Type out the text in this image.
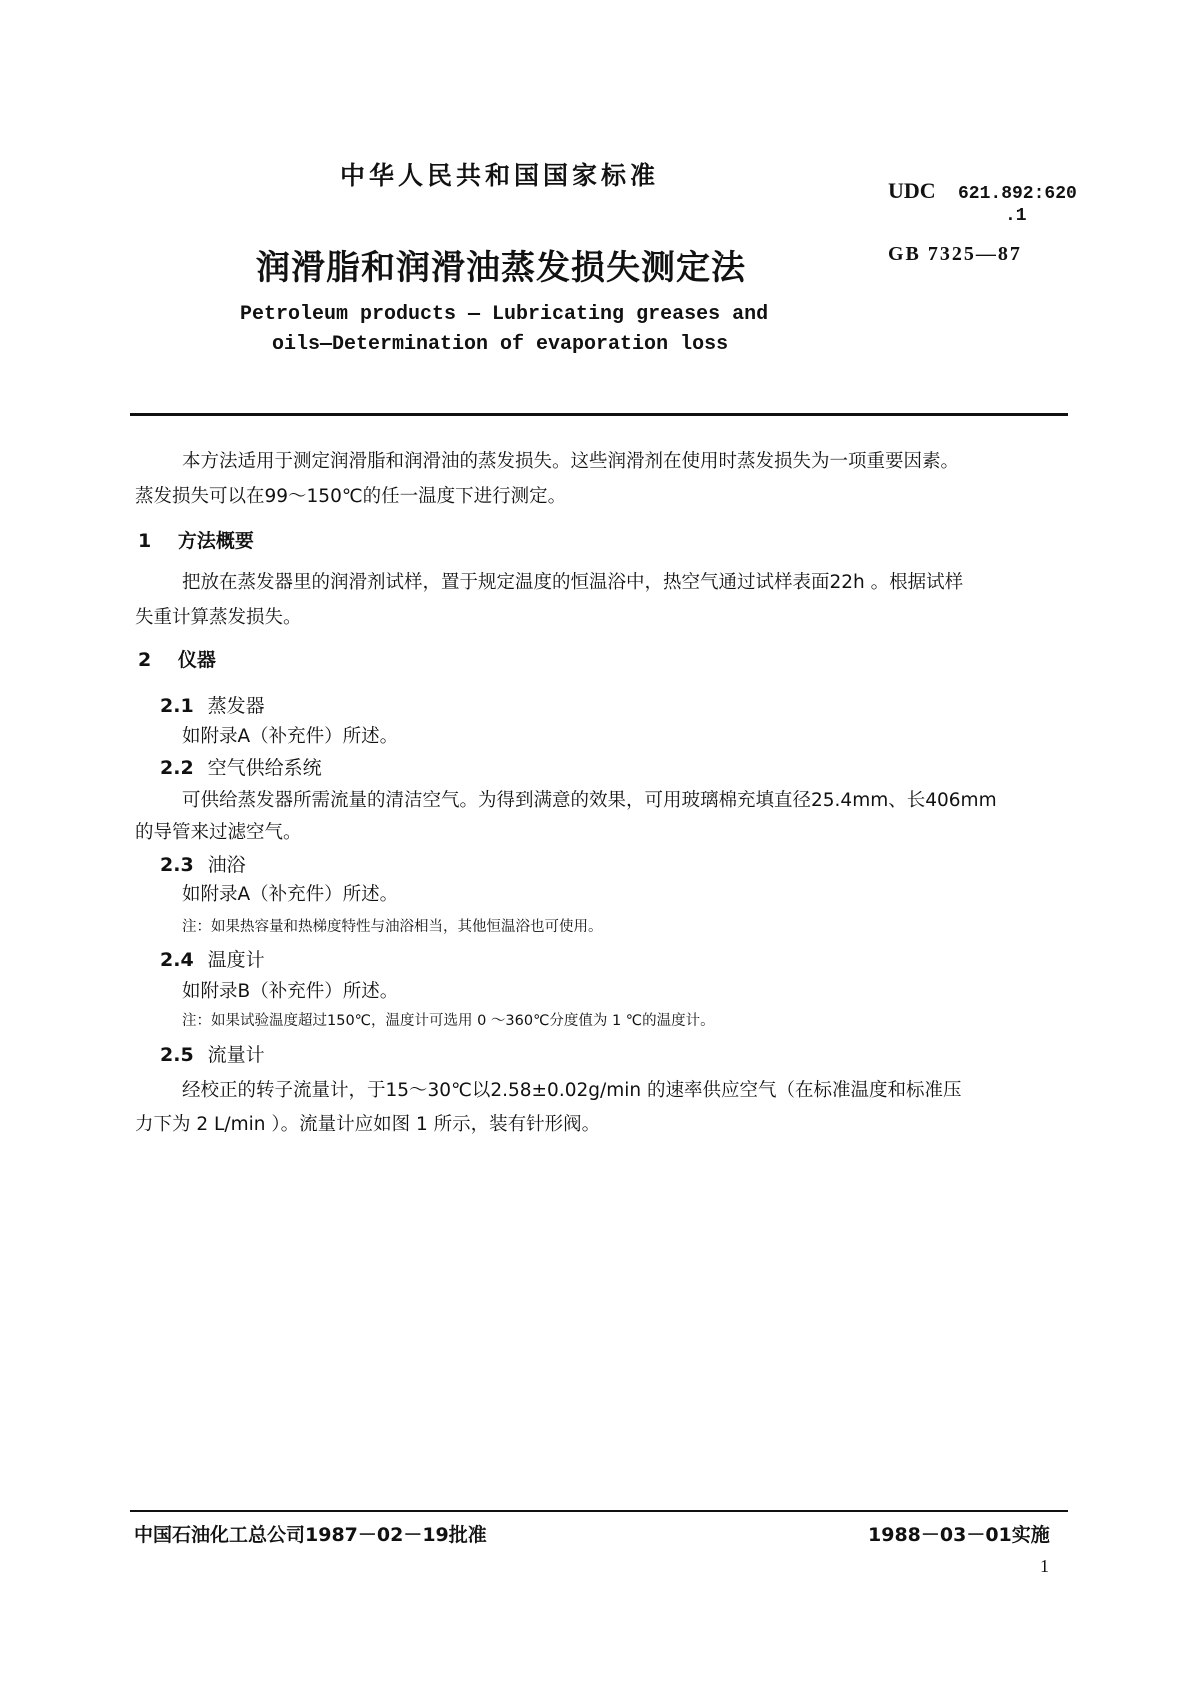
中华人民共和国国家标准
UDC 621.892:620
.1
润滑脂和润滑油蒸发损失测定法	GB 7325—87
Petroleum products — Lubricating greases and
oils—Determination of evaporation loss
本方法适用于测定润滑脂和润滑油的蒸发损失。这些润滑剂在使用时蒸发损失为一项重要因素。
蒸发损失可以在99～150℃的任一温度下进行测定。
1 方法概要
把放在蒸发器里的润滑剂试样，置于规定温度的恒温浴中，热空气通过试样表面22h 。根据试样
失重计算蒸发损失。
2 仪器
2.1 蒸发器
如附录A（补充件）所述。
2.2 空气供给系统
可供给蒸发器所需流量的清洁空气。为得到满意的效果，可用玻璃棉充填直径25.4mm、长406mm
的导管来过滤空气。
2.3 油浴
如附录A（补充件）所述。
注：如果热容量和热梯度特性与油浴相当，其他恒温浴也可使用。
2.4 温度计
如附录B（补充件）所述。
注：如果试验温度超过150℃，温度计可选用 0 ～360℃分度值为 1 ℃的温度计。
2.5 流量计
经校正的转子流量计，于15～30℃以2.58±0.02g/min 的速率供应空气（在标准温度和标准压
力下为 2 L/min ）。流量计应如图 1 所示，装有针形阀。
中国石油化工总公司1987－02－19批准	1988－03－01实施
1
